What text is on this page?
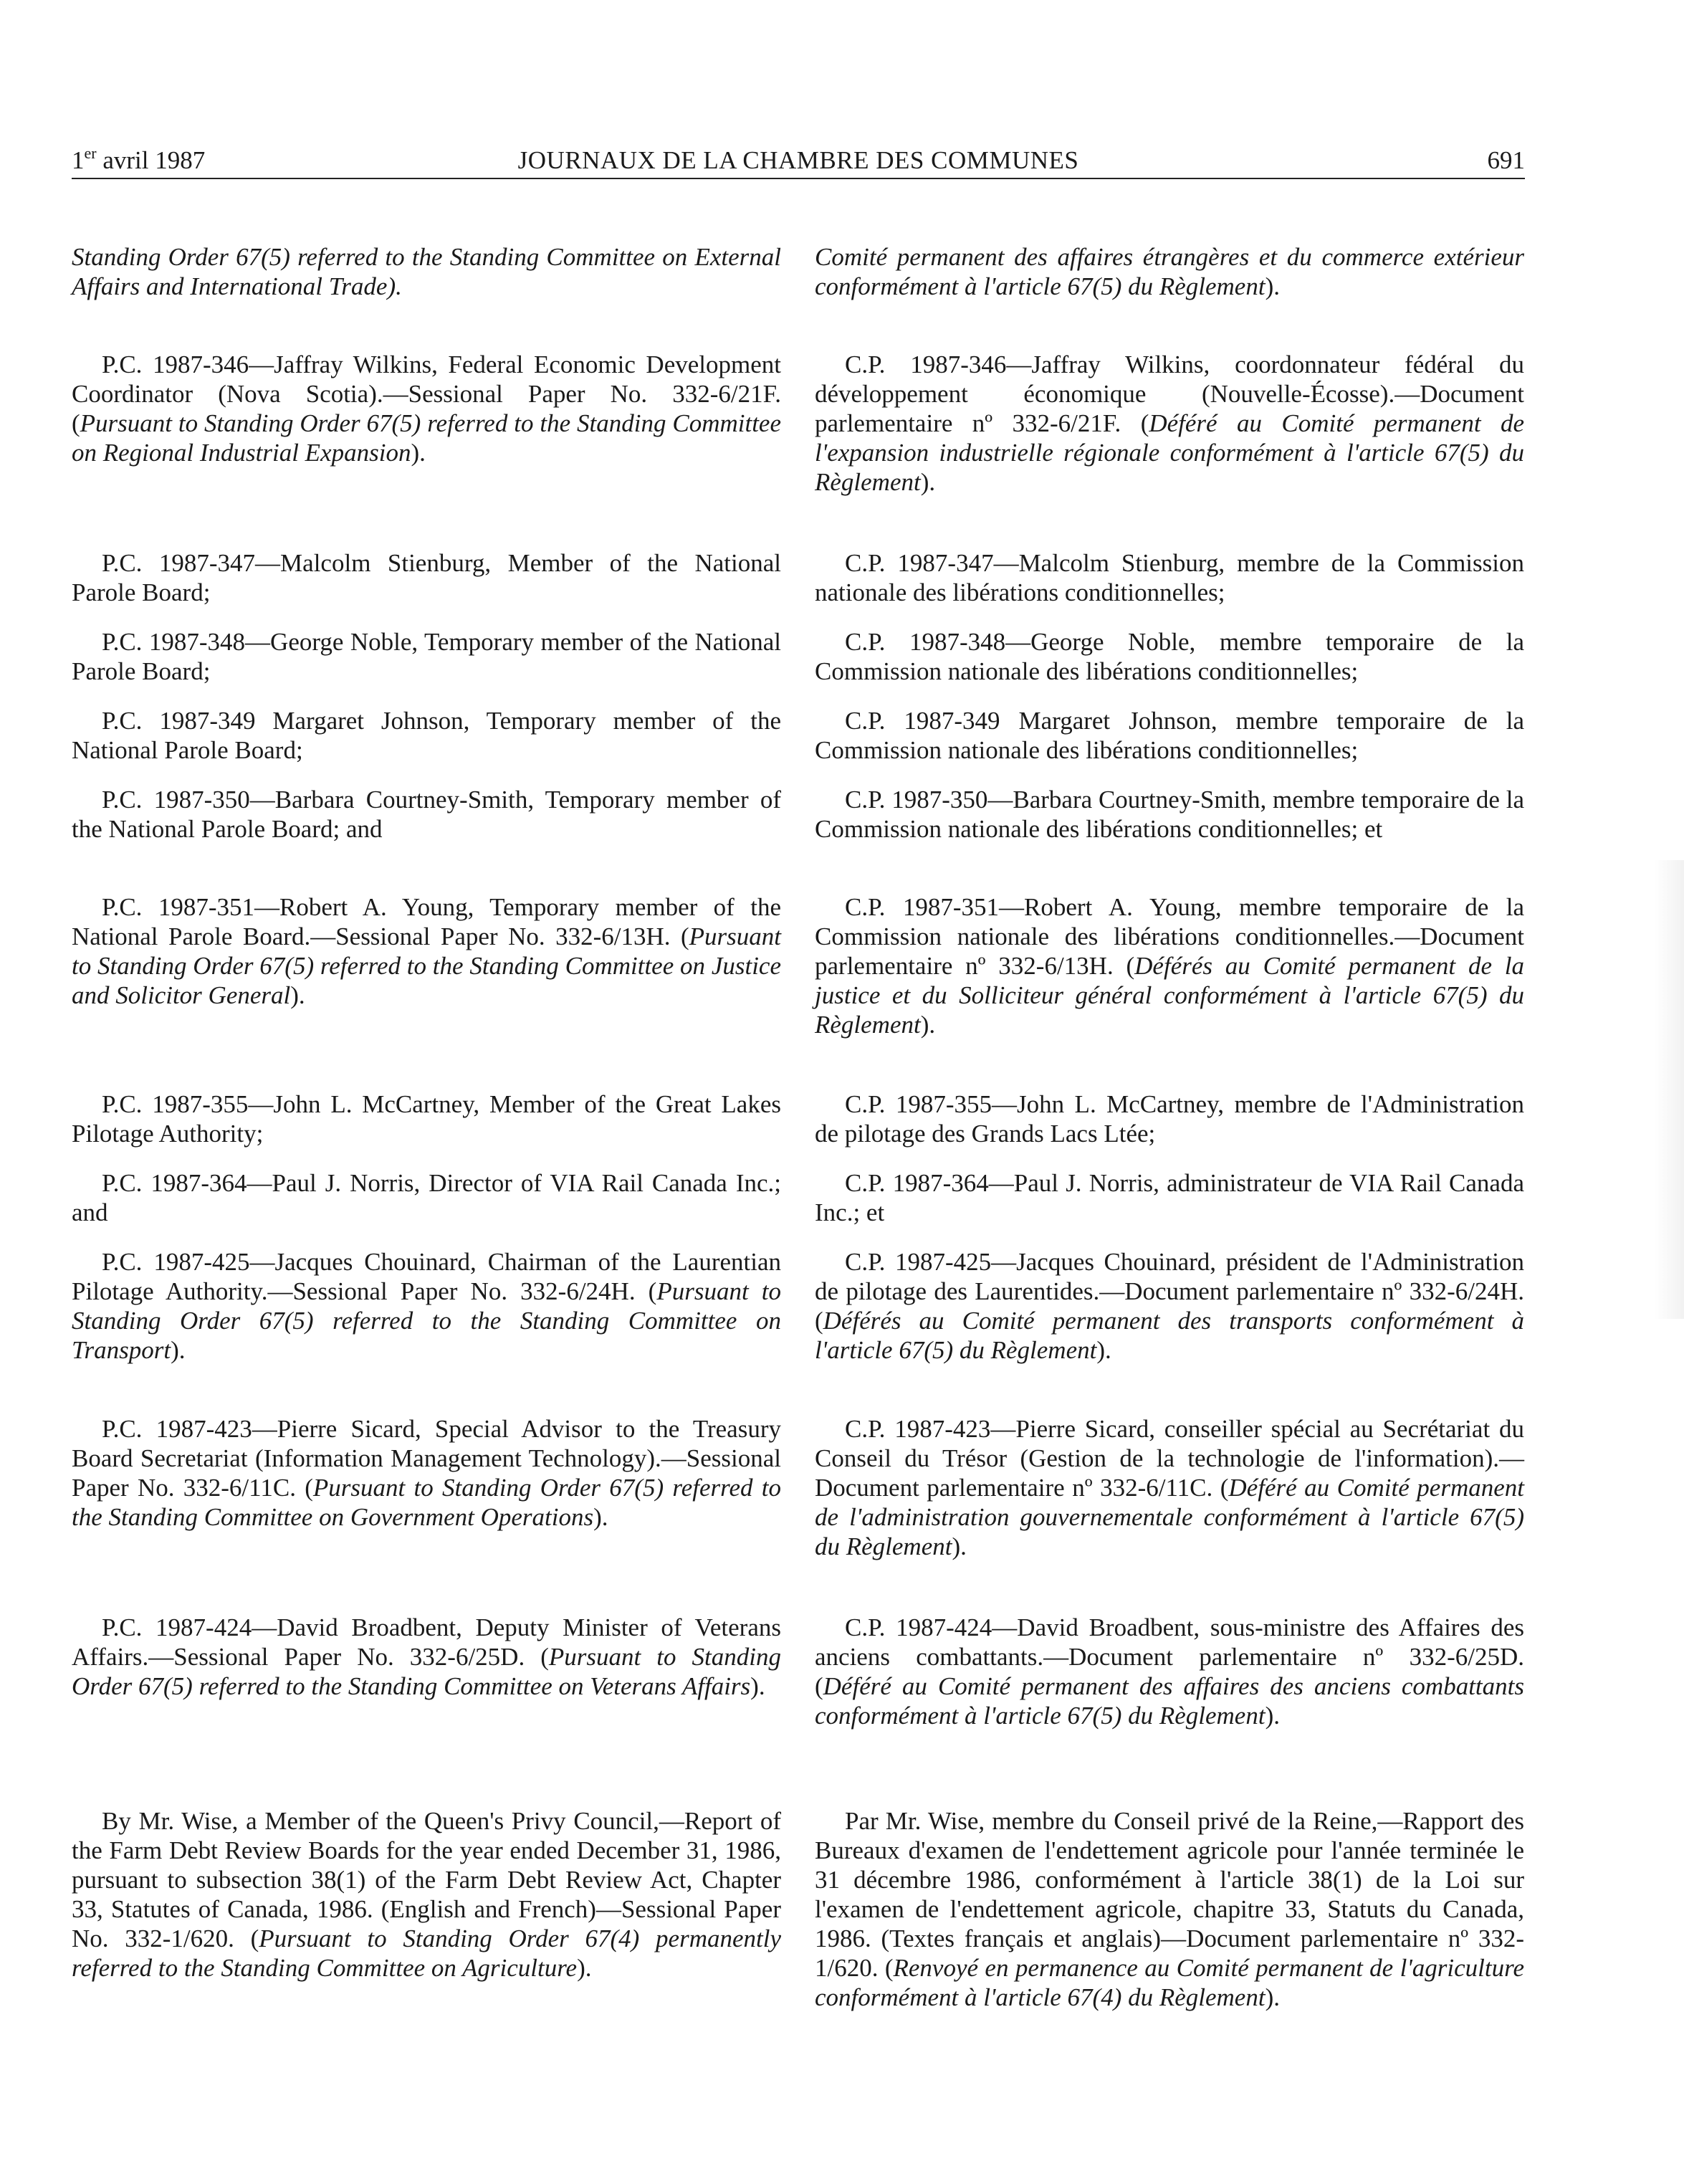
1er avril 1987	JOURNAUX DE LA CHAMBRE DES COMMUNES	691

Standing Order 67(5) referred to the Standing Committee on External Affairs and International Trade).

P.C. 1987-346—Jaffray Wilkins, Federal Economic Development Coordinator (Nova Scotia).—Sessional Paper No. 332-6/21F. (Pursuant to Standing Order 67(5) referred to the Standing Committee on Regional Industrial Expansion).

P.C. 1987-347—Malcolm Stienburg, Member of the National Parole Board;

P.C. 1987-348—George Noble, Temporary member of the National Parole Board;

P.C. 1987-349 Margaret Johnson, Temporary member of the National Parole Board;

P.C. 1987-350—Barbara Courtney-Smith, Temporary member of the National Parole Board; and

P.C. 1987-351—Robert A. Young, Temporary member of the National Parole Board.—Sessional Paper No. 332-6/13H. (Pursuant to Standing Order 67(5) referred to the Standing Committee on Justice and Solicitor General).

P.C. 1987-355—John L. McCartney, Member of the Great Lakes Pilotage Authority;

P.C. 1987-364—Paul J. Norris, Director of VIA Rail Canada Inc.; and

P.C. 1987-425—Jacques Chouinard, Chairman of the Laurentian Pilotage Authority.—Sessional Paper No. 332-6/24H. (Pursuant to Standing Order 67(5) referred to the Standing Committee on Transport).

P.C. 1987-423—Pierre Sicard, Special Advisor to the Treasury Board Secretariat (Information Management Technology).—Sessional Paper No. 332-6/11C. (Pursuant to Standing Order 67(5) referred to the Standing Committee on Government Operations).

P.C. 1987-424—David Broadbent, Deputy Minister of Veterans Affairs.—Sessional Paper No. 332-6/25D. (Pursuant to Standing Order 67(5) referred to the Standing Committee on Veterans Affairs).

By Mr. Wise, a Member of the Queen's Privy Council,—Report of the Farm Debt Review Boards for the year ended December 31, 1986, pursuant to subsection 38(1) of the Farm Debt Review Act, Chapter 33, Statutes of Canada, 1986. (English and French)—Sessional Paper No. 332-1/620. (Pursuant to Standing Order 67(4) permanently referred to the Standing Committee on Agriculture).

Comité permanent des affaires étrangères et du commerce extérieur conformément à l'article 67(5) du Règlement).

C.P. 1987-346—Jaffray Wilkins, coordonnateur fédéral du développement économique (Nouvelle-Écosse).—Document parlementaire nº 332-6/21F. (Déféré au Comité permanent de l'expansion industrielle régionale conformément à l'article 67(5) du Règlement).

C.P. 1987-347—Malcolm Stienburg, membre de la Commission nationale des libérations conditionnelles;

C.P. 1987-348—George Noble, membre temporaire de la Commission nationale des libérations conditionnelles;

C.P. 1987-349 Margaret Johnson, membre temporaire de la Commission nationale des libérations conditionnelles;

C.P. 1987-350—Barbara Courtney-Smith, membre temporaire de la Commission nationale des libérations conditionnelles; et

C.P. 1987-351—Robert A. Young, membre temporaire de la Commission nationale des libérations conditionnelles.—Document parlementaire nº 332-6/13H. (Déférés au Comité permanent de la justice et du Solliciteur général conformément à l'article 67(5) du Règlement).

C.P. 1987-355—John L. McCartney, membre de l'Administration de pilotage des Grands Lacs Ltée;

C.P. 1987-364—Paul J. Norris, administrateur de VIA Rail Canada Inc.; et

C.P. 1987-425—Jacques Chouinard, président de l'Administration de pilotage des Laurentides.—Document parlementaire nº 332-6/24H. (Déférés au Comité permanent des transports conformément à l'article 67(5) du Règlement).

C.P. 1987-423—Pierre Sicard, conseiller spécial au Secrétariat du Conseil du Trésor (Gestion de la technologie de l'information).—Document parlementaire nº 332-6/11C. (Déféré au Comité permanent de l'administration gouvernementale conformément à l'article 67(5) du Règlement).

C.P. 1987-424—David Broadbent, sous-ministre des Affaires des anciens combattants.—Document parlementaire nº 332-6/25D. (Déféré au Comité permanent des affaires des anciens combattants conformément à l'article 67(5) du Règlement).

Par Mr. Wise, membre du Conseil privé de la Reine,—Rapport des Bureaux d'examen de l'endettement agricole pour l'année terminée le 31 décembre 1986, conformément à l'article 38(1) de la Loi sur l'examen de l'endettement agricole, chapitre 33, Statuts du Canada, 1986. (Textes français et anglais)—Document parlementaire nº 332-1/620. (Renvoyé en permanence au Comité permanent de l'agriculture conformément à l'article 67(4) du Règlement).
